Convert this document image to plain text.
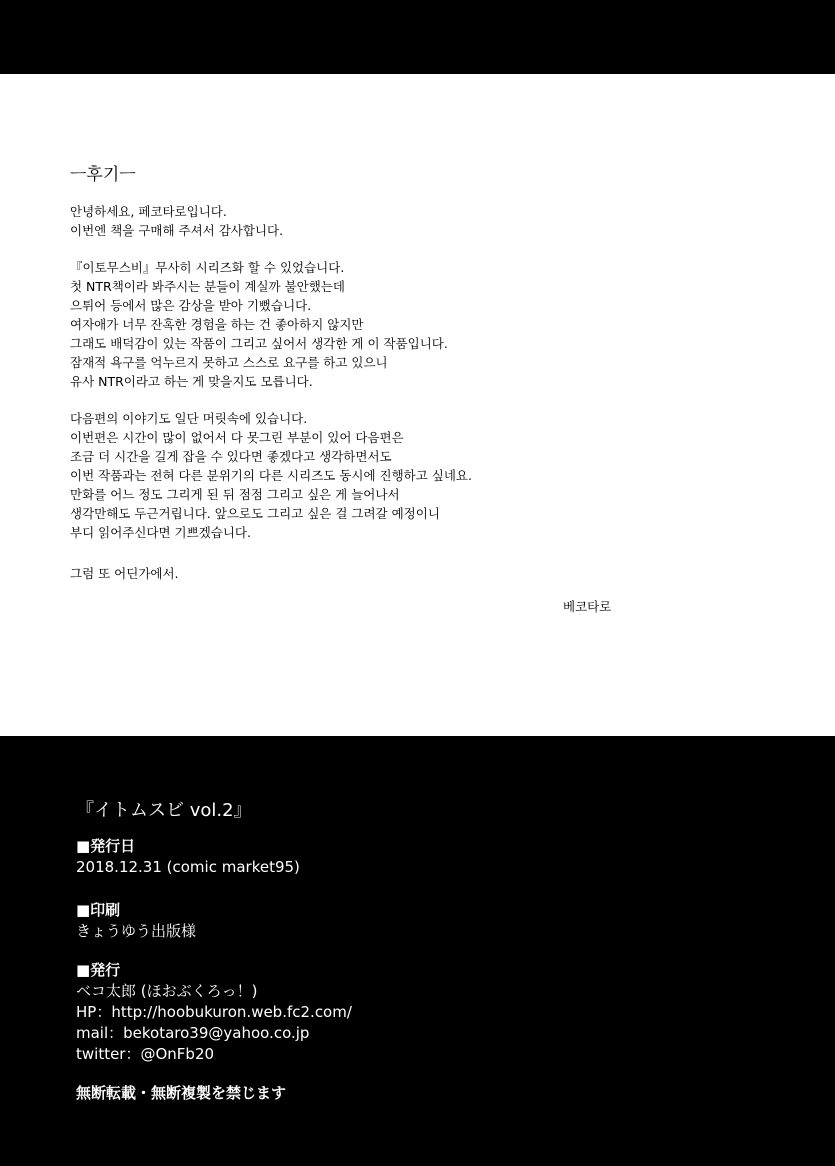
ㅡ후기ㅡ
안녕하세요, 페코타로입니다.
이번엔 책을 구매해 주셔서 감사합니다.
『이토무스비』무사히 시리즈화 할 수 있었습니다.
첫 NTR책이라 봐주시는 분들이 계실까 불안했는데
으튀어 등에서 많은 감상을 받아 기뻤습니다.
여자애가 너무 잔혹한 경험을 하는 건 좋아하지 않지만
그래도 배덕감이 있는 작품이 그리고 싶어서 생각한 게 이 작품입니다.
잠재적 욕구를 억누르지 못하고 스스로 요구를 하고 있으니
유사 NTR이라고 하는 게 맞을지도 모릅니다.
다음편의 이야기도 일단 머릿속에 있습니다.
이번편은 시간이 많이 없어서 다 못그린 부분이 있어 다음편은
조금 더 시간을 길게 잡을 수 있다면 좋겠다고 생각하면서도
이번 작품과는 전혀 다른 분위기의 다른 시리즈도 동시에 진행하고 싶네요.
만화를 어느 정도 그리게 된 뒤 점점 그리고 싶은 게 늘어나서
생각만해도 두근거립니다. 앞으로도 그리고 싶은 걸 그려갈 예정이니
부디 읽어주신다면 기쁘겠습니다.
그럼 또 어딘가에서.
베코타로
『イトムスビ vol.2』
■発行日
2018.12.31 (comic market95)
■印刷
きょうゆう出版様
■発行
ベコ太郎 (ほおぶくろっ！)
HP：http://hoobukuron.web.fc2.com/
mail：bekotaro39@yahoo.co.jp
twitter：@OnFb20
無断転載・無断複製を禁じます
